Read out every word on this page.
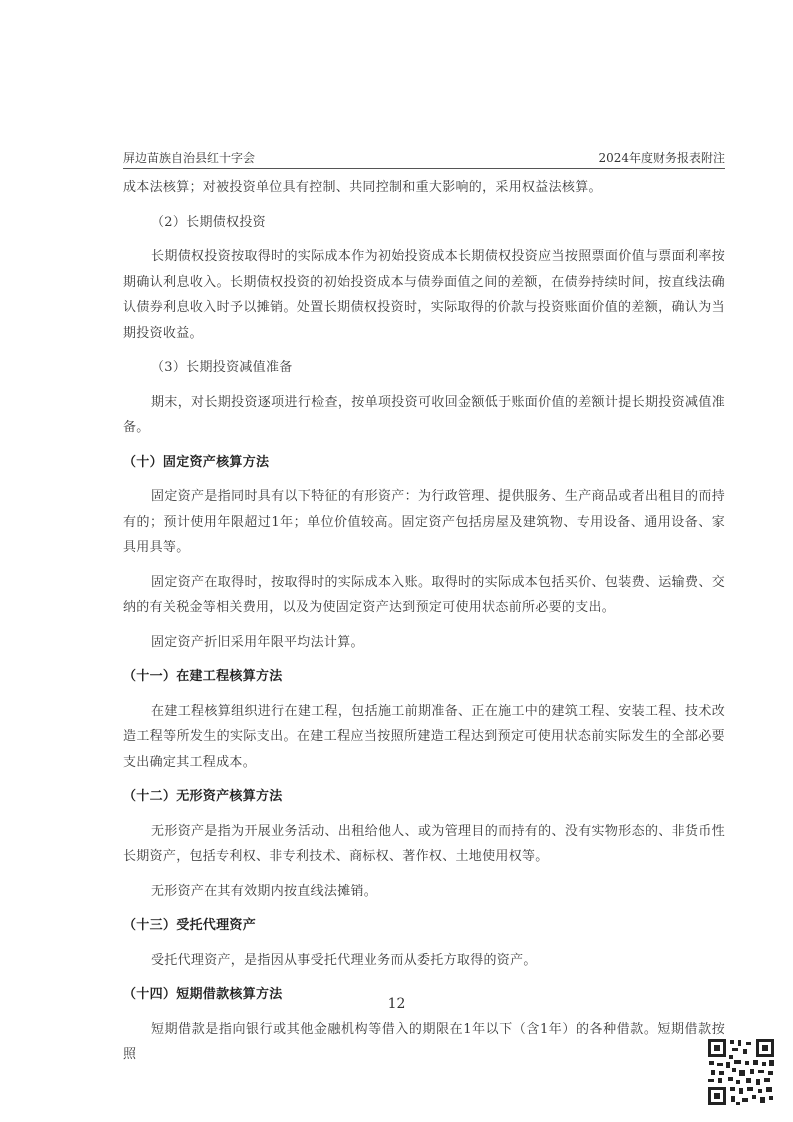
屏边苗族自治县红十字会	2024年度财务报表附注

成本法核算；对被投资单位具有控制、共同控制和重大影响的，采用权益法核算。

（2）长期债权投资

长期债权投资按取得时的实际成本作为初始投资成本长期债权投资应当按照票面价值与票面利率按期确认利息收入。长期债权投资的初始投资成本与债券面值之间的差额，在债券持续时间，按直线法确认债券利息收入时予以摊销。处置长期债权投资时，实际取得的价款与投资账面价值的差额，确认为当期投资收益。

（3）长期投资减值准备

期末，对长期投资逐项进行检查，按单项投资可收回金额低于账面价值的差额计提长期投资减值准备。

（十）固定资产核算方法

固定资产是指同时具有以下特征的有形资产：为行政管理、提供服务、生产商品或者出租目的而持有的；预计使用年限超过1年；单位价值较高。固定资产包括房屋及建筑物、专用设备、通用设备、家具用具等。

固定资产在取得时，按取得时的实际成本入账。取得时的实际成本包括买价、包装费、运输费、交纳的有关税金等相关费用，以及为使固定资产达到预定可使用状态前所必要的支出。

固定资产折旧采用年限平均法计算。

（十一）在建工程核算方法

在建工程核算组织进行在建工程，包括施工前期准备、正在施工中的建筑工程、安装工程、技术改造工程等所发生的实际支出。在建工程应当按照所建造工程达到预定可使用状态前实际发生的全部必要支出确定其工程成本。

（十二）无形资产核算方法

无形资产是指为开展业务活动、出租给他人、或为管理目的而持有的、没有实物形态的、非货币性长期资产，包括专利权、非专利技术、商标权、著作权、土地使用权等。

无形资产在其有效期内按直线法摊销。

（十三）受托代理资产

受托代理资产，是指因从事受托代理业务而从委托方取得的资产。

（十四）短期借款核算方法

短期借款是指向银行或其他金融机构等借入的期限在1年以下（含1年）的各种借款。短期借款按照

12
